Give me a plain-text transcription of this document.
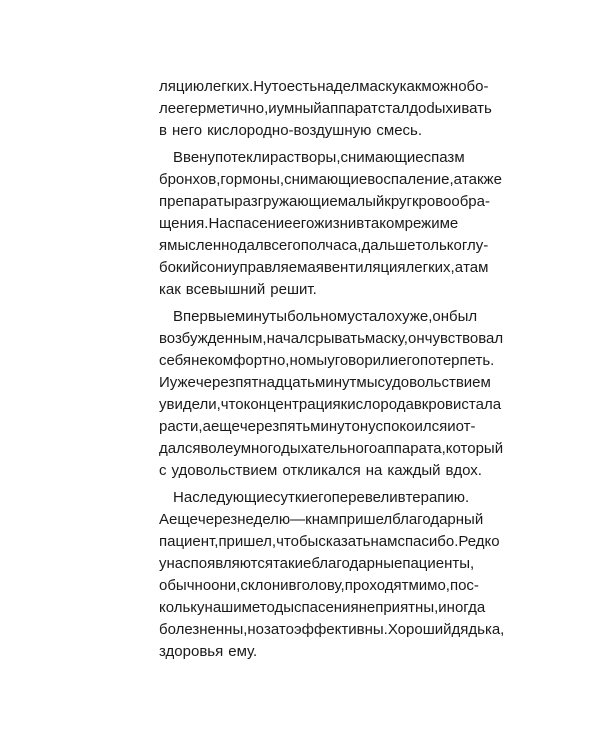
ляцию легких. Ну то есть надел маску как можно бо-
лее герметично, и умный аппарат стал дodыхивать
в него кислородно-воздушную смесь.
В вену потекли растворы, снимающие спазм
бронхов, гормоны, снимающие воспаление, а также
препараты разгружающие малый круг кровообра-
щения. На спасение его жизни в таком режиме
я мысленно дал всего полчаса, дальше только глу-
бокий сон и управляемая вентиляция легких, а там
как всевышний решит.
В первые минуты больному стало хуже, он был
возбужденным, начал срывать маску, он чувствовал
себя не комфортно, но мы уговорили его потерпеть.
И уже через пятнадцать минут мы с удовольствием
увидели, что концентрация кислорода в крови стала
расти, а еще через пять минут он успокоился и от-
дался воле умного дыхательного аппарата, который
с удовольствием откликался на каждый вдох.
На следующие сутки его перевели в терапию.
А еще через неделю — к нам пришел благодарный
пациент, пришел, чтобы сказать нам спасибо. Редко
у нас появляются такие благодарные пациенты,
обычно они, склонив голову, проходят мимо, пос-
кольку наши методы спасения неприятны, иногда
болезненны, но зато эффективны. Хороший дядька,
здоровья ему.
